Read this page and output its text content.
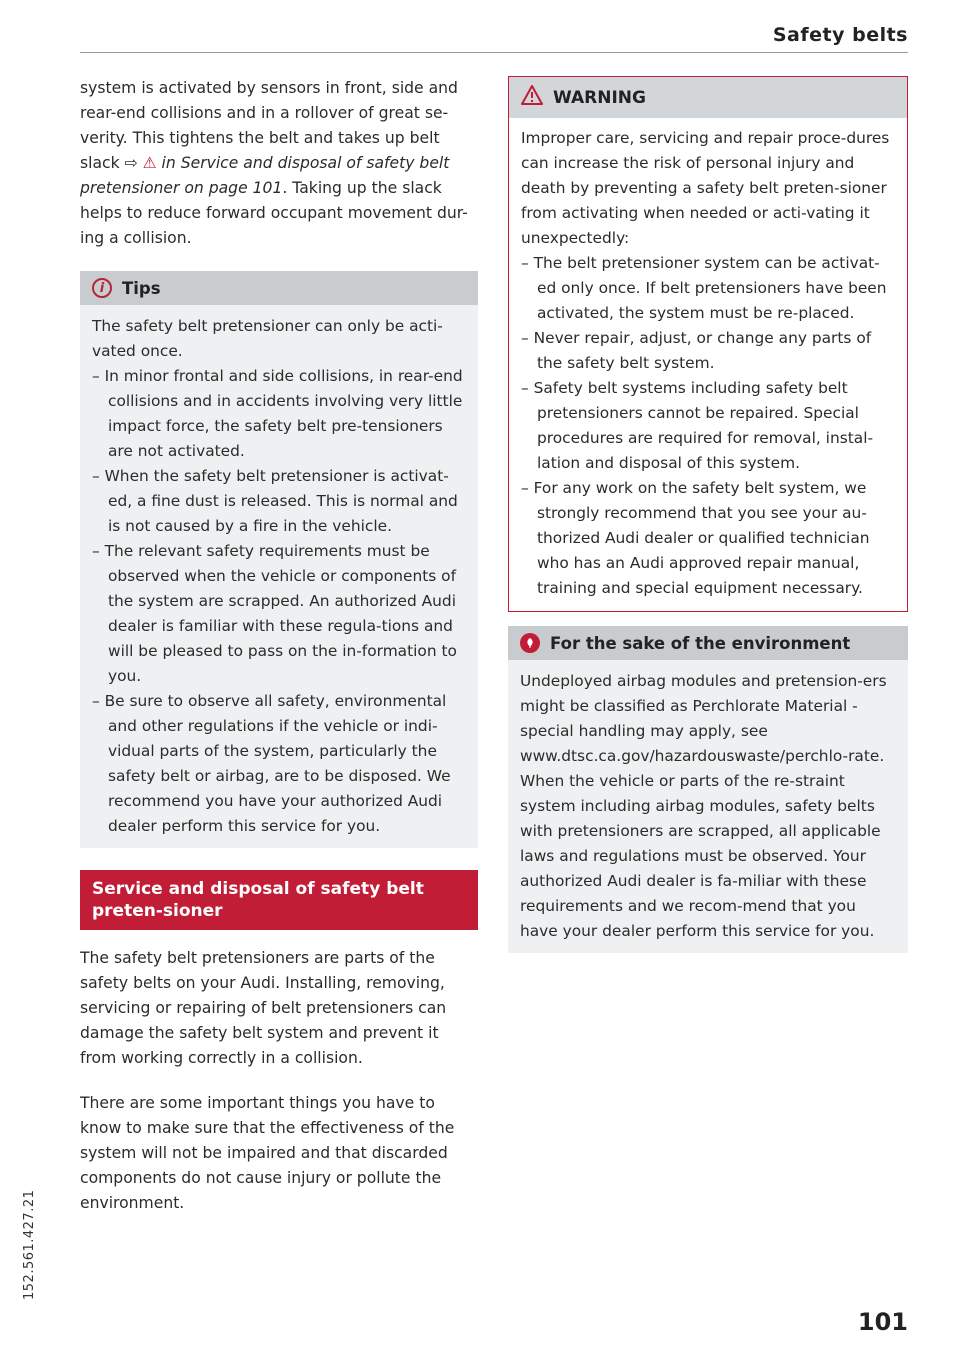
Safety belts

system is activated by sensors in front, side and rear-end collisions and in a rollover of great se-verity. This tightens the belt and takes up belt slack ⇨ ⚠ in Service and disposal of safety belt pretensioner on page 101. Taking up the slack helps to reduce forward occupant movement dur-ing a collision.

i	Tips

The safety belt pretensioner can only be acti-vated once.

– In minor frontal and side collisions, in rear-end collisions and in accidents involving very little impact force, the safety belt pre-tensioners are not activated.
– When the safety belt pretensioner is activat-ed, a fine dust is released. This is normal and is not caused by a fire in the vehicle.
– The relevant safety requirements must be observed when the vehicle or components of the system are scrapped. An authorized Audi dealer is familiar with these regula-tions and will be pleased to pass on the in-formation to you.
– Be sure to observe all safety, environmental and other regulations if the vehicle or indi-vidual parts of the system, particularly the safety belt or airbag, are to be disposed. We recommend you have your authorized Audi dealer perform this service for you.
Service and disposal of safety belt preten-sioner

The safety belt pretensioners are parts of the safety belts on your Audi. Installing, removing, servicing or repairing of belt pretensioners can damage the safety belt system and prevent it from working correctly in a collision.

There are some important things you have to know to make sure that the effectiveness of the system will not be impaired and that discarded components do not cause injury or pollute the environment.

WARNING

Improper care, servicing and repair proce-dures can increase the risk of personal injury and death by preventing a safety belt preten-sioner from activating when needed or acti-vating it unexpectedly:

– The belt pretensioner system can be activat-ed only once. If belt pretensioners have been activated, the system must be re-placed.
– Never repair, adjust, or change any parts of the safety belt system.
– Safety belt systems including safety belt pretensioners cannot be repaired. Special procedures are required for removal, instal-lation and disposal of this system.
– For any work on the safety belt system, we strongly recommend that you see your au-thorized Audi dealer or qualified technician who has an Audi approved repair manual, training and special equipment necessary.
For the sake of the environment

Undeployed airbag modules and pretension-ers might be classified as Perchlorate Material -special handling may apply, see www.dtsc.ca.gov/hazardouswaste/perchlo-rate. When the vehicle or parts of the re-straint system including airbag modules, safety belts with pretensioners are scrapped, all applicable laws and regulations must be observed. Your authorized Audi dealer is fa-miliar with these requirements and we recom-mend that you have your dealer perform this service for you.

152.561.427.21
101
